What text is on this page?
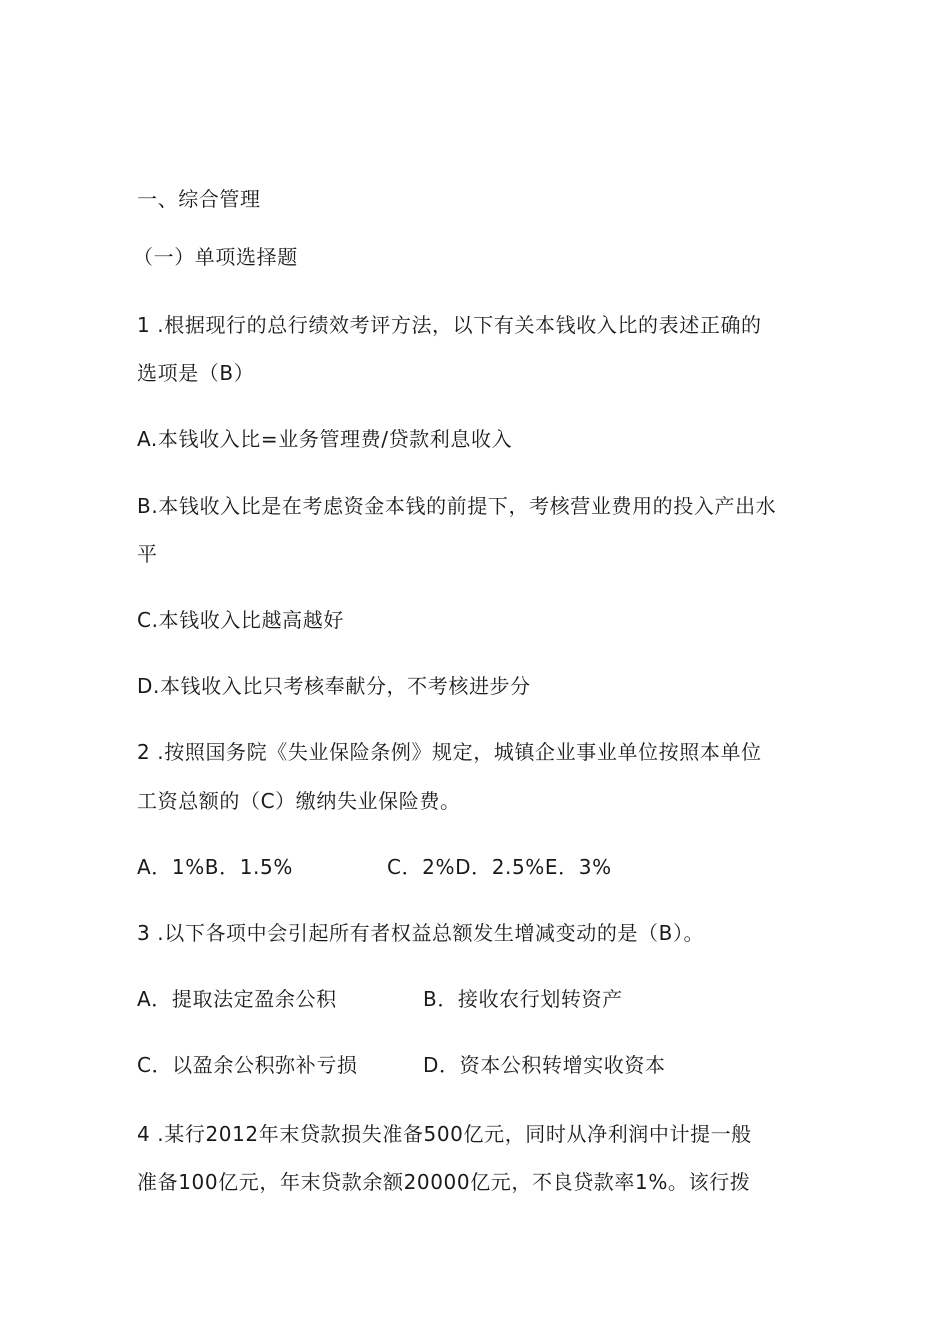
一、综合管理
（一）单项选择题
1 .根据现行的总行绩效考评方法，以下有关本钱收入比的表述正确的
选项是（B）
A.本钱收入比=业务管理费/贷款利息收入
B.本钱收入比是在考虑资金本钱的前提下，考核营业费用的投入产出水
平
C.本钱收入比越高越好
D.本钱收入比只考核奉献分，不考核进步分
2 .按照国务院《失业保险条例》规定，城镇企业事业单位按照本单位
工资总额的（C）缴纳失业保险费。
A．1%B．1.5%	C．2%D．2.5%E．3%
3 .以下各项中会引起所有者权益总额发生增减变动的是（B）。
A．提取法定盈余公积	B．接收农行划转资产
C．以盈余公积弥补亏损	D．资本公积转增实收资本
4 .某行2012年末贷款损失准备500亿元，同时从净利润中计提一般
准备100亿元，年末贷款余额20000亿元，不良贷款率1%。该行拨
